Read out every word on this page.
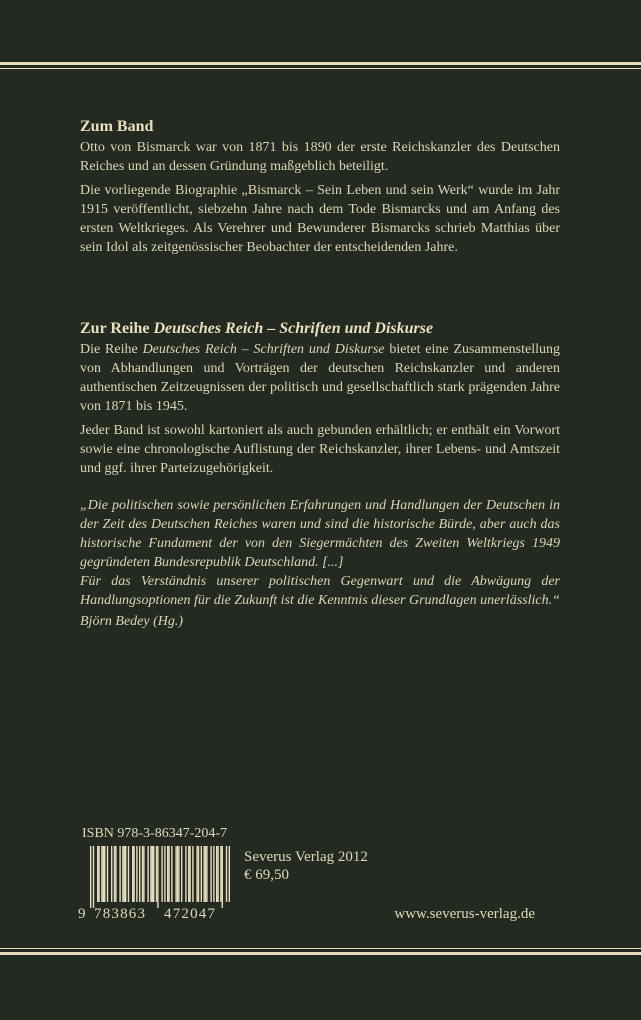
Zum Band

Otto von Bismarck war von 1871 bis 1890 der erste Reichskanzler des Deutschen Reiches und an dessen Gründung maßgeblich beteiligt.

Die vorliegende Biographie „Bismarck – Sein Leben und sein Werk“ wurde im Jahr 1915 veröffentlicht, siebzehn Jahre nach dem Tode Bismarcks und am Anfang des ersten Weltkrieges. Als Verehrer und Bewunderer Bismarcks schrieb Matthias über sein Idol als zeitgenössischer Beobachter der entscheidenden Jahre.

Zur Reihe Deutsches Reich – Schriften und Diskurse

Die Reihe Deutsches Reich – Schriften und Diskurse bietet eine Zusammenstellung von Abhandlungen und Vorträgen der deutschen Reichskanzler und anderen authentischen Zeitzeugnissen der politisch und gesellschaftlich stark prägenden Jahre von 1871 bis 1945.

Jeder Band ist sowohl kartoniert als auch gebunden erhältlich; er enthält ein Vorwort sowie eine chronologische Auflistung der Reichskanzler, ihrer Lebens- und Amtszeit und ggf. ihrer Parteizugehörigkeit.

„Die politischen sowie persönlichen Erfahrungen und Handlungen der Deutschen in der Zeit des Deutschen Reiches waren und sind die historische Bürde, aber auch das historische Fundament der von den Siegermächten des Zweiten Weltkriegs 1949 gegründeten Bundesrepublik Deutschland. [...]

Für das Verständnis unserer politischen Gegenwart und die Abwägung der Handlungsoptionen für die Zukunft ist die Kenntnis dieser Grundlagen unerlässlich.“

Björn Bedey (Hg.)

ISBN 978-3-86347-204-7
9 783863 472047
Severus Verlag 2012
€ 69,50
www.severus-verlag.de
